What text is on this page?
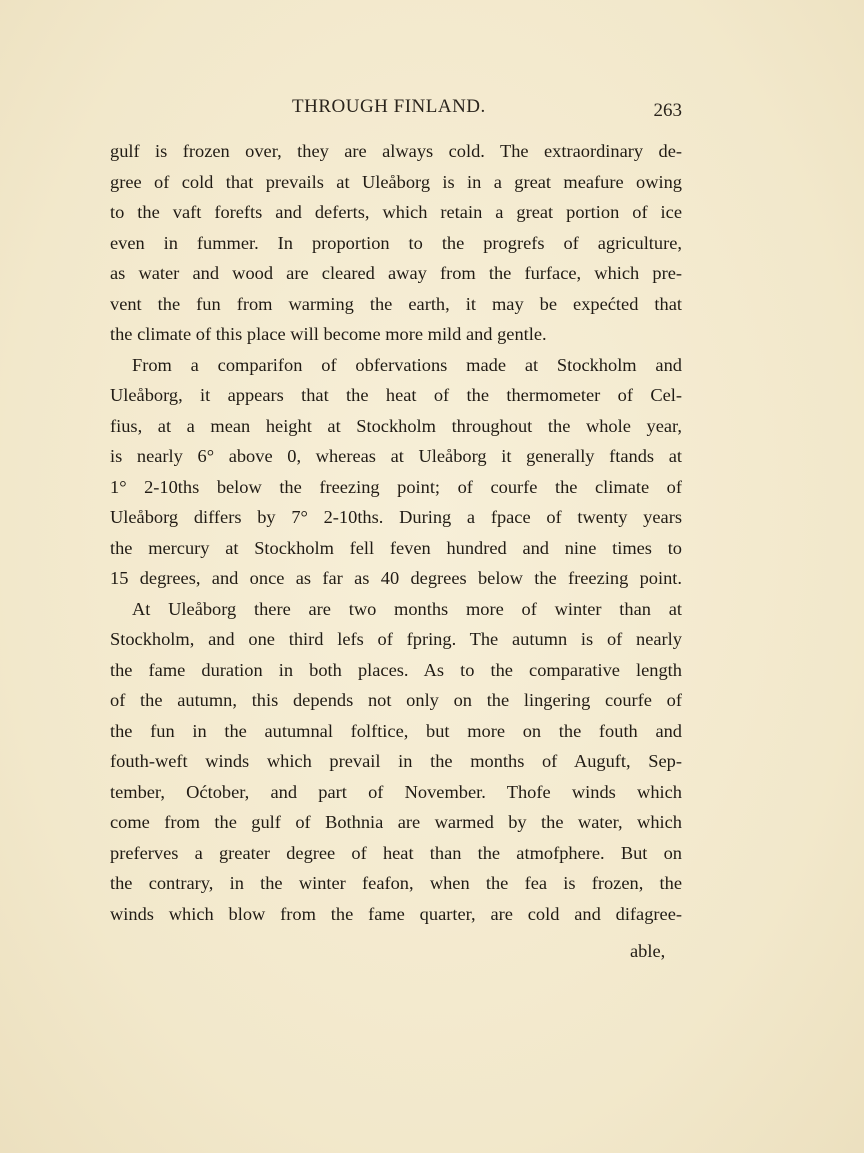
THROUGH FINLAND.	263
gulf is frozen over, they are always cold. The extraordinary de-
gree of cold that prevails at Uleåborg is in a great meafure owing
to the vaft forefts and deferts, which retain a great portion of ice
even in fummer. In proportion to the progrefs of agriculture,
as water and wood are cleared away from the furface, which pre-
vent the fun from warming the earth, it may be expećted that
the climate of this place will become more mild and gentle.
From a comparifon of obfervations made at Stockholm and
Uleåborg, it appears that the heat of the thermometer of Cel-
fius, at a mean height at Stockholm throughout the whole year,
is nearly 6° above 0, whereas at Uleåborg it generally ftands at
1° 2-10ths below the freezing point; of courfe the climate of
Uleåborg differs by 7° 2-10ths. During a fpace of twenty years
the mercury at Stockholm fell feven hundred and nine times to
15 degrees, and once as far as 40 degrees below the freezing point.
At Uleåborg there are two months more of winter than at
Stockholm, and one third lefs of fpring. The autumn is of nearly
the fame duration in both places. As to the comparative length
of the autumn, this depends not only on the lingering courfe of
the fun in the autumnal folftice, but more on the fouth and
fouth-weft winds which prevail in the months of Auguft, Sep-
tember, Oćtober, and part of November. Thofe winds which
come from the gulf of Bothnia are warmed by the water, which
preferves a greater degree of heat than the atmofphere. But on
the contrary, in the winter feafon, when the fea is frozen, the
winds which blow from the fame quarter, are cold and difagree-
able,
